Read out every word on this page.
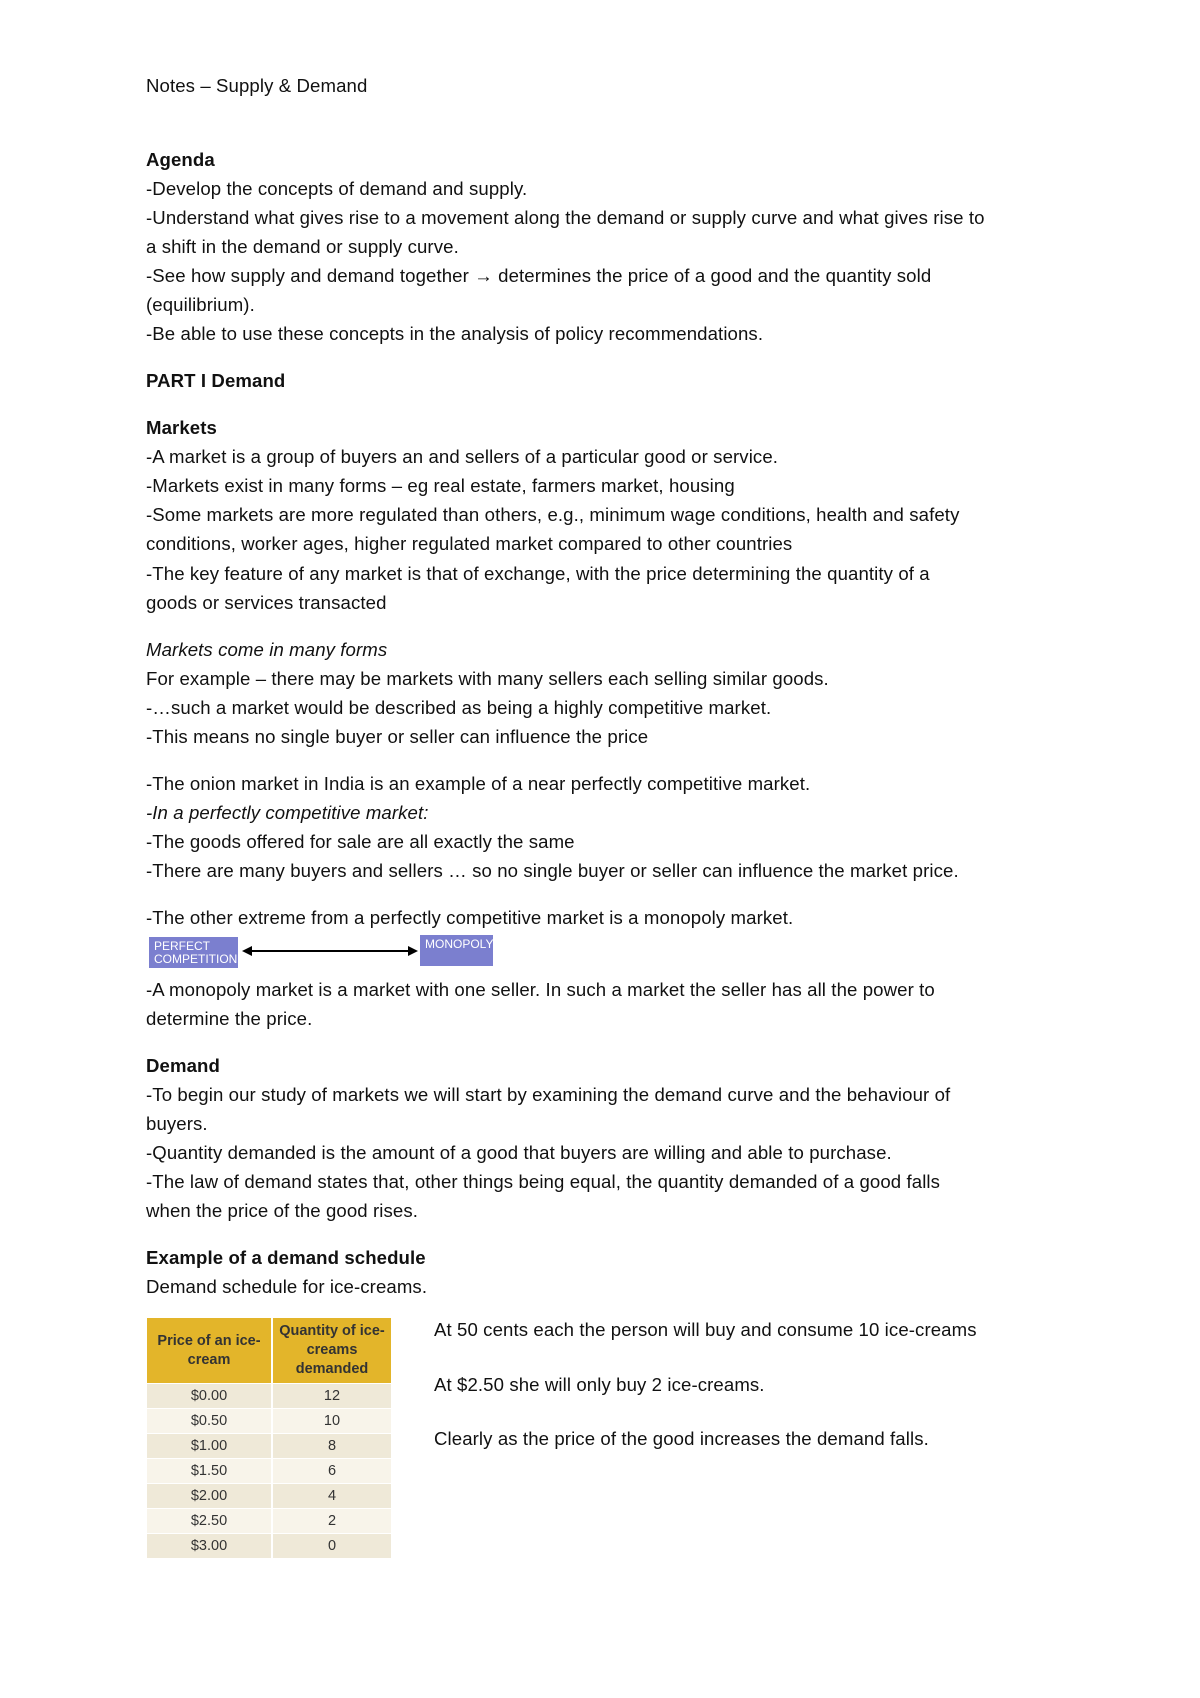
Notes – Supply & Demand
Agenda
-Develop the concepts of demand and supply.
-Understand what gives rise to a movement along the demand or supply curve and what gives rise to
a shift in the demand or supply curve.
-See how supply and demand together → determines the price of a good and the quantity sold
(equilibrium).
-Be able to use these concepts in the analysis of policy recommendations.
PART I Demand
Markets
-A market is a group of buyers an and sellers of a particular good or service.
-Markets exist in many forms – eg real estate, farmers market, housing
-Some markets are more regulated than others, e.g., minimum wage conditions, health and safety
conditions, worker ages, higher regulated market compared to other countries
-The key feature of any market is that of exchange, with the price determining the quantity of a
goods or services transacted
Markets come in many forms
For example – there may be markets with many sellers each selling similar goods.
-…such a market would be described as being a highly competitive market.
-This means no single buyer or seller can influence the price
-The onion market in India is an example of a near perfectly competitive market.
-In a perfectly competitive market:
-The goods offered for sale are all exactly the same
-There are many buyers and sellers … so no single buyer or seller can influence the market price.
-The other extreme from a perfectly competitive market is a monopoly market.
PERFECT
COMPETITION
MONOPOLY
-A monopoly market is a market with one seller. In such a market the seller has all the power to
determine the price.
Demand
-To begin our study of markets we will start by examining the demand curve and the behaviour of
buyers.
-Quantity demanded is the amount of a good that buyers are willing and able to purchase.
-The law of demand states that, other things being equal, the quantity demanded of a good falls
when the price of the good rises.
Example of a demand schedule
Demand schedule for ice-creams.
Price of an ice-cream	Quantity of ice-creams demanded
$0.00	12
$0.50	10
$1.00	8
$1.50	6
$2.00	4
$2.50	2
$3.00	0
At 50 cents each the person will buy and consume 10 ice-creams
At $2.50 she will only buy 2 ice-creams.
Clearly as the price of the good increases the demand falls.
